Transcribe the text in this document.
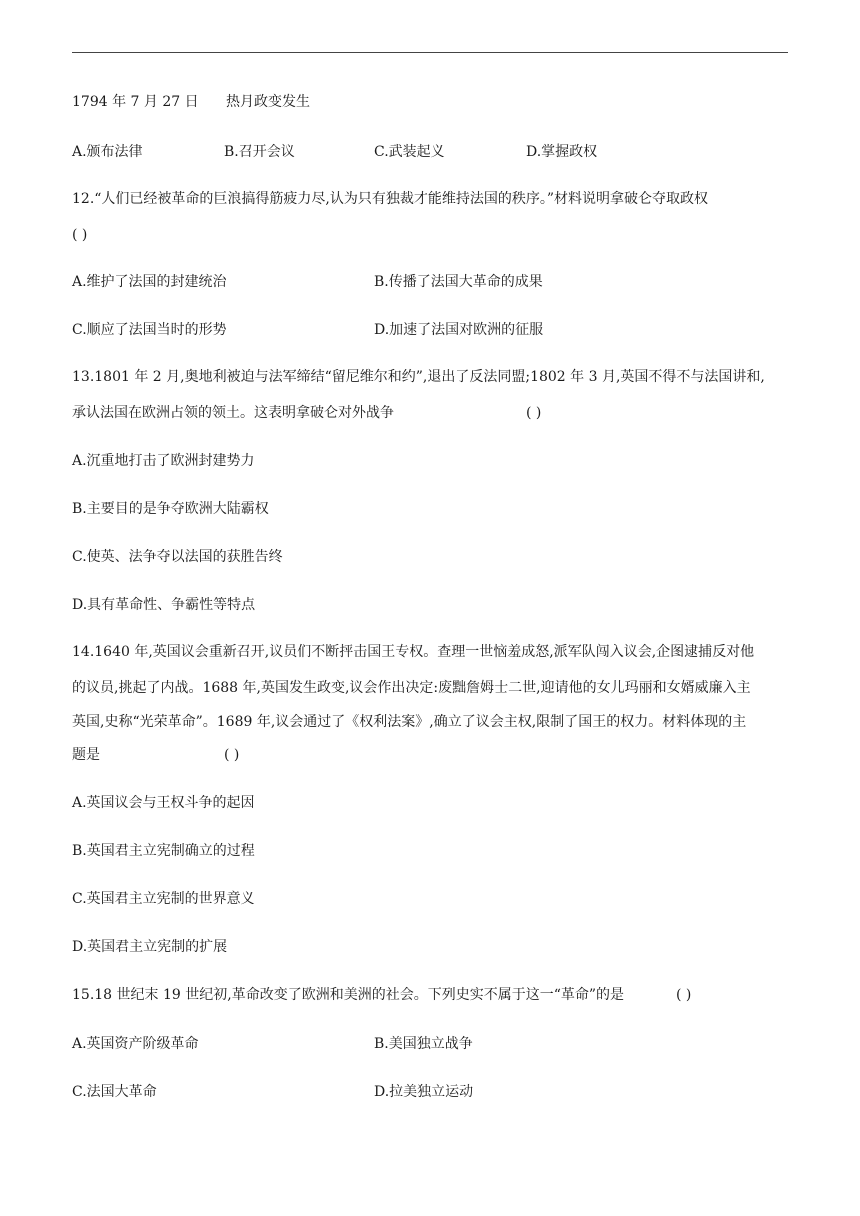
1794 年 7 月 27 日 热月政变发生
A.颁布法律	B.召开会议	C.武装起义	D.掌握政权
12.“人们已经被革命的巨浪搞得筋疲力尽,认为只有独裁才能维持法国的秩序。”材料说明拿破仑夺取政权
( )
A.维护了法国的封建统治	B.传播了法国大革命的成果
C.顺应了法国当时的形势	D.加速了法国对欧洲的征服
13.1801 年 2 月,奥地利被迫与法军缔结“留尼维尔和约”,退出了反法同盟;1802 年 3 月,英国不得不与法国讲和,
承认法国在欧洲占领的领土。这表明拿破仑对外战争	( )
A.沉重地打击了欧洲封建势力
B.主要目的是争夺欧洲大陆霸权
C.使英、法争夺以法国的获胜告终
D.具有革命性、争霸性等特点
14.1640 年,英国议会重新召开,议员们不断抨击国王专权。查理一世恼羞成怒,派军队闯入议会,企图逮捕反对他
的议员,挑起了内战。1688 年,英国发生政变,议会作出决定:废黜詹姆士二世,迎请他的女儿玛丽和女婿威廉入主
英国,史称“光荣革命”。1689 年,议会通过了《权利法案》,确立了议会主权,限制了国王的权力。材料体现的主
题是	( )
A.英国议会与王权斗争的起因
B.英国君主立宪制确立的过程
C.英国君主立宪制的世界意义
D.英国君主立宪制的扩展
15.18 世纪末 19 世纪初,革命改变了欧洲和美洲的社会。下列史实不属于这一“革命”的是	( )
A.英国资产阶级革命	B.美国独立战争
C.法国大革命	D.拉美独立运动
